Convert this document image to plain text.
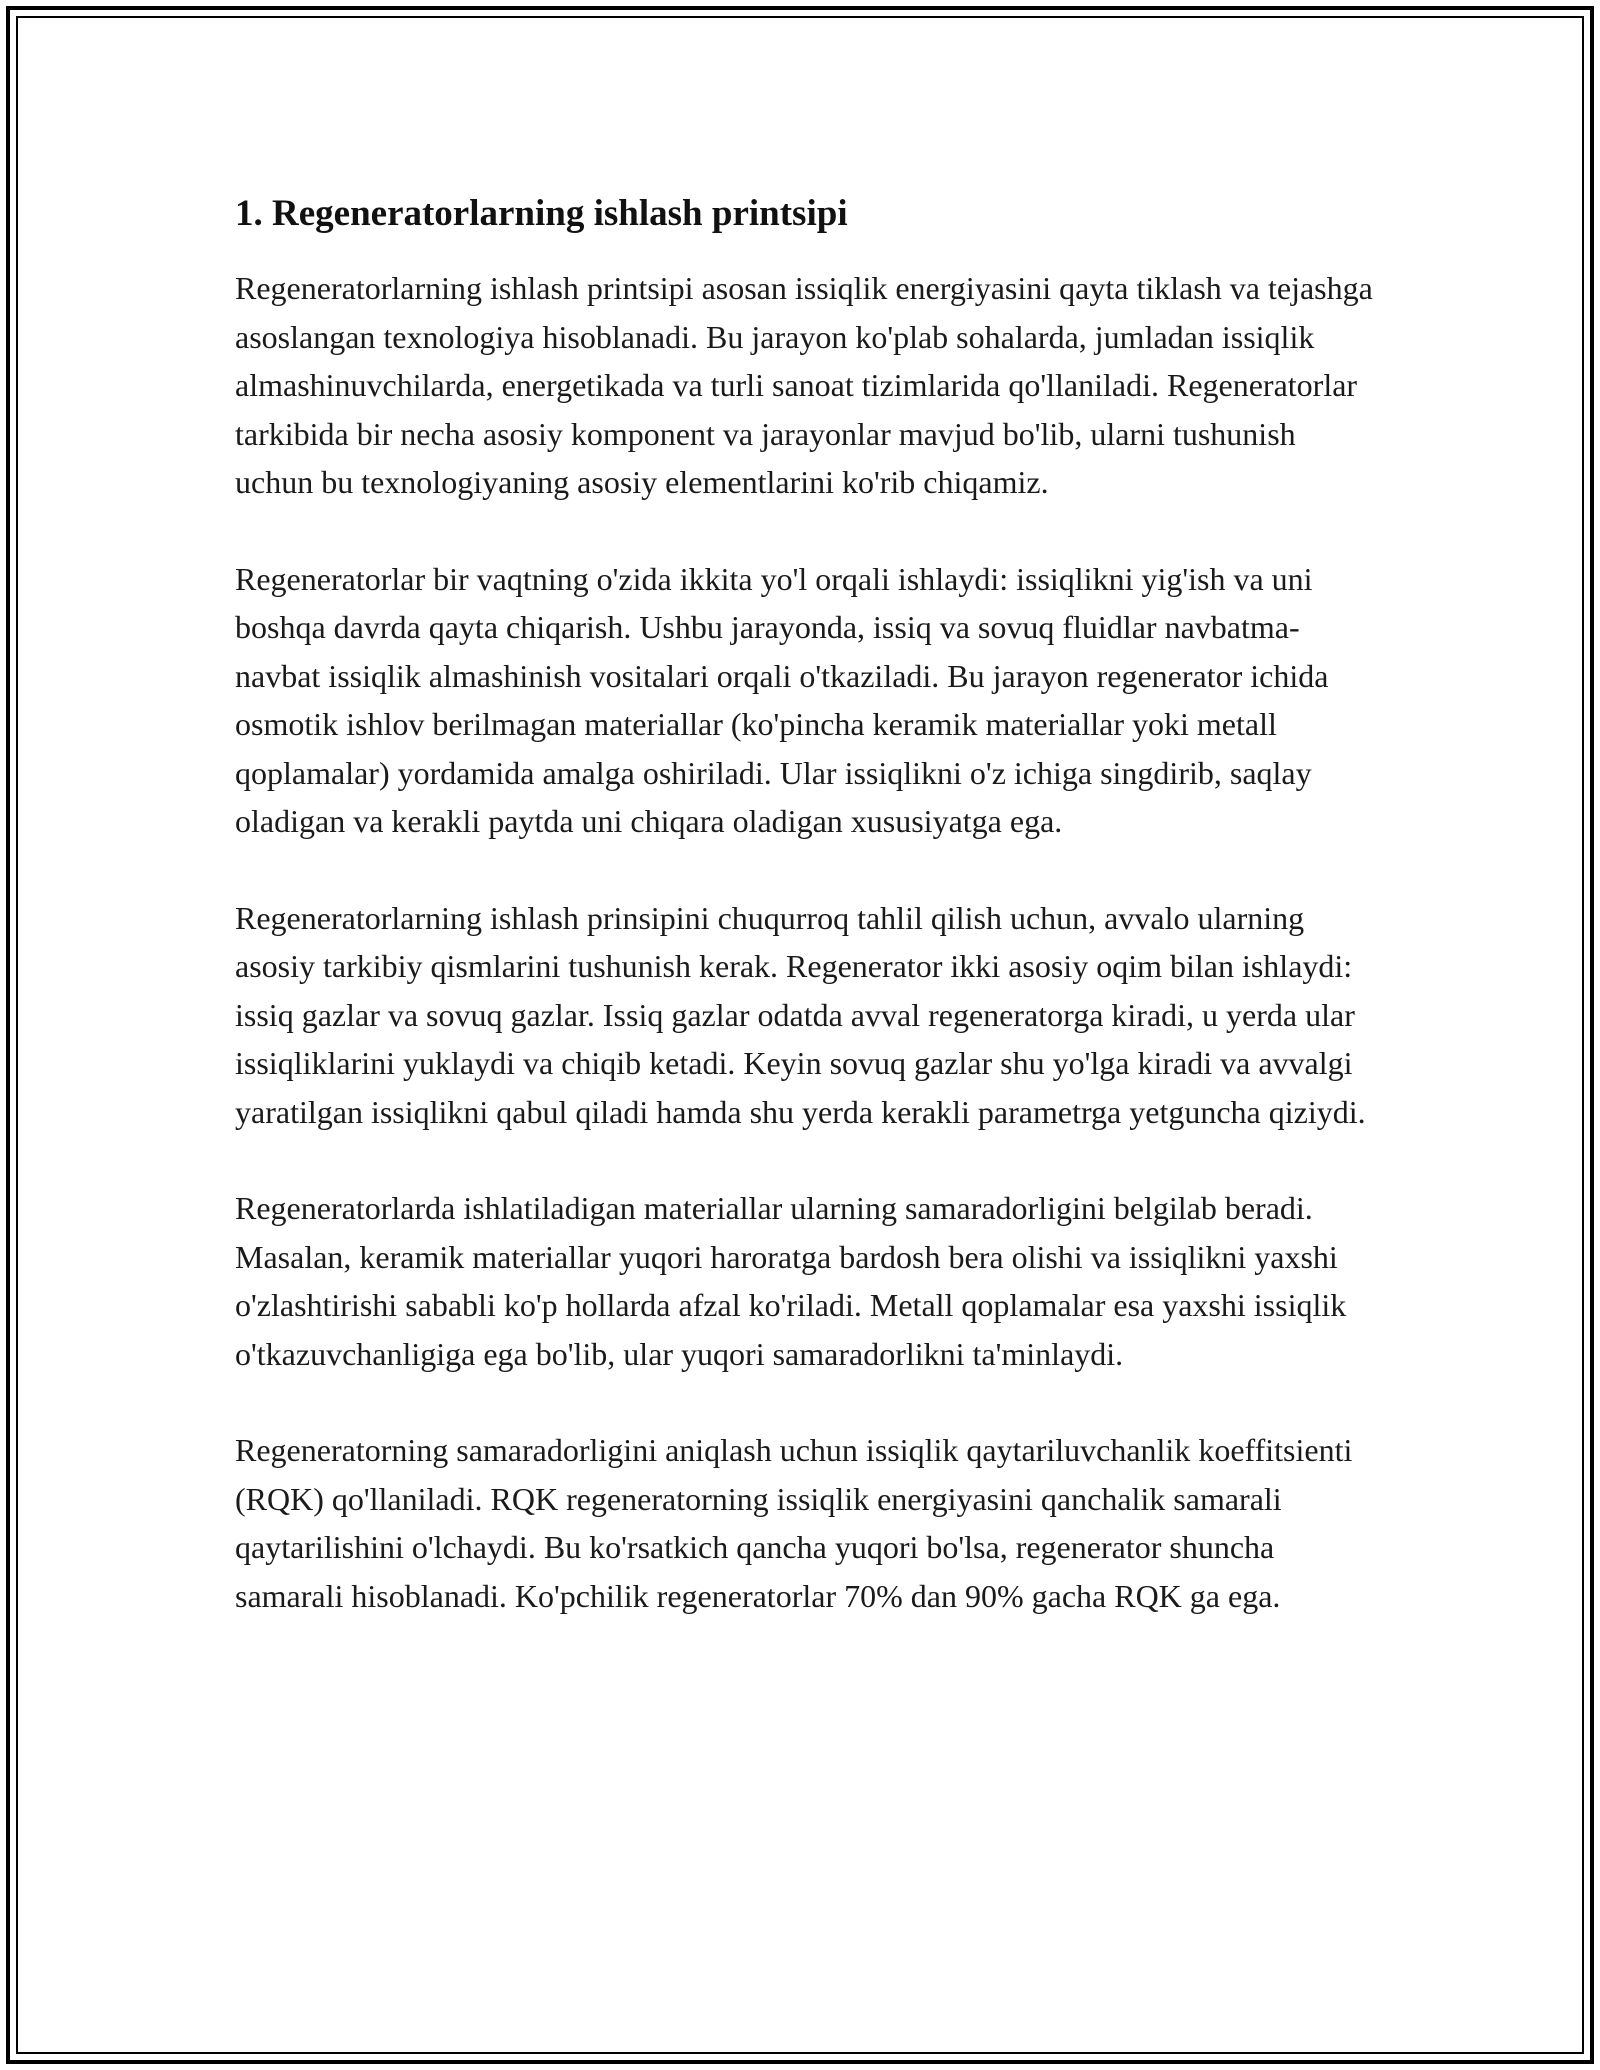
1. Regeneratorlarning ishlash printsipi

Regeneratorlarning ishlash printsipi asosan issiqlik energiyasini qayta tiklash va tejashga asoslangan texnologiya hisoblanadi. Bu jarayon ko'plab sohalarda, jumladan issiqlik almashinuvchilarda, energetikada va turli sanoat tizimlarida qo'llaniladi. Regeneratorlar tarkibida bir necha asosiy komponent va jarayonlar mavjud bo'lib, ularni tushunish uchun bu texnologiyaning asosiy elementlarini ko'rib chiqamiz.

Regeneratorlar bir vaqtning o'zida ikkita yo'l orqali ishlaydi: issiqlikni yig'ish va uni boshqa davrda qayta chiqarish. Ushbu jarayonda, issiq va sovuq fluidlar navbatma-navbat issiqlik almashinish vositalari orqali o'tkaziladi. Bu jarayon regenerator ichida osmotik ishlov berilmagan materiallar (ko'pincha keramik materiallar yoki metall qoplamalar) yordamida amalga oshiriladi. Ular issiqlikni o'z ichiga singdirib, saqlay oladigan va kerakli paytda uni chiqara oladigan xususiyatga ega.

Regeneratorlarning ishlash prinsipini chuqurroq tahlil qilish uchun, avvalo ularning asosiy tarkibiy qismlarini tushunish kerak. Regenerator ikki asosiy oqim bilan ishlaydi: issiq gazlar va sovuq gazlar. Issiq gazlar odatda avval regeneratorga kiradi, u yerda ular issiqliklarini yuklaydi va chiqib ketadi. Keyin sovuq gazlar shu yo'lga kiradi va avvalgi yaratilgan issiqlikni qabul qiladi hamda shu yerda kerakli parametrga yetguncha qiziydi.

Regeneratorlarda ishlatiladigan materiallar ularning samaradorligini belgilab beradi. Masalan, keramik materiallar yuqori haroratga bardosh bera olishi va issiqlikni yaxshi o'zlashtirishi sababli ko'p hollarda afzal ko'riladi. Metall qoplamalar esa yaxshi issiqlik o'tkazuvchanligiga ega bo'lib, ular yuqori samaradorlikni ta'minlaydi.

Regeneratorning samaradorligini aniqlash uchun issiqlik qaytariluvchanlik koeffitsienti (RQK) qo'llaniladi. RQK regeneratorning issiqlik energiyasini qanchalik samarali qaytarilishini o'lchaydi. Bu ko'rsatkich qancha yuqori bo'lsa, regenerator shuncha samarali hisoblanadi. Ko'pchilik regeneratorlar 70% dan 90% gacha RQK ga ega.
